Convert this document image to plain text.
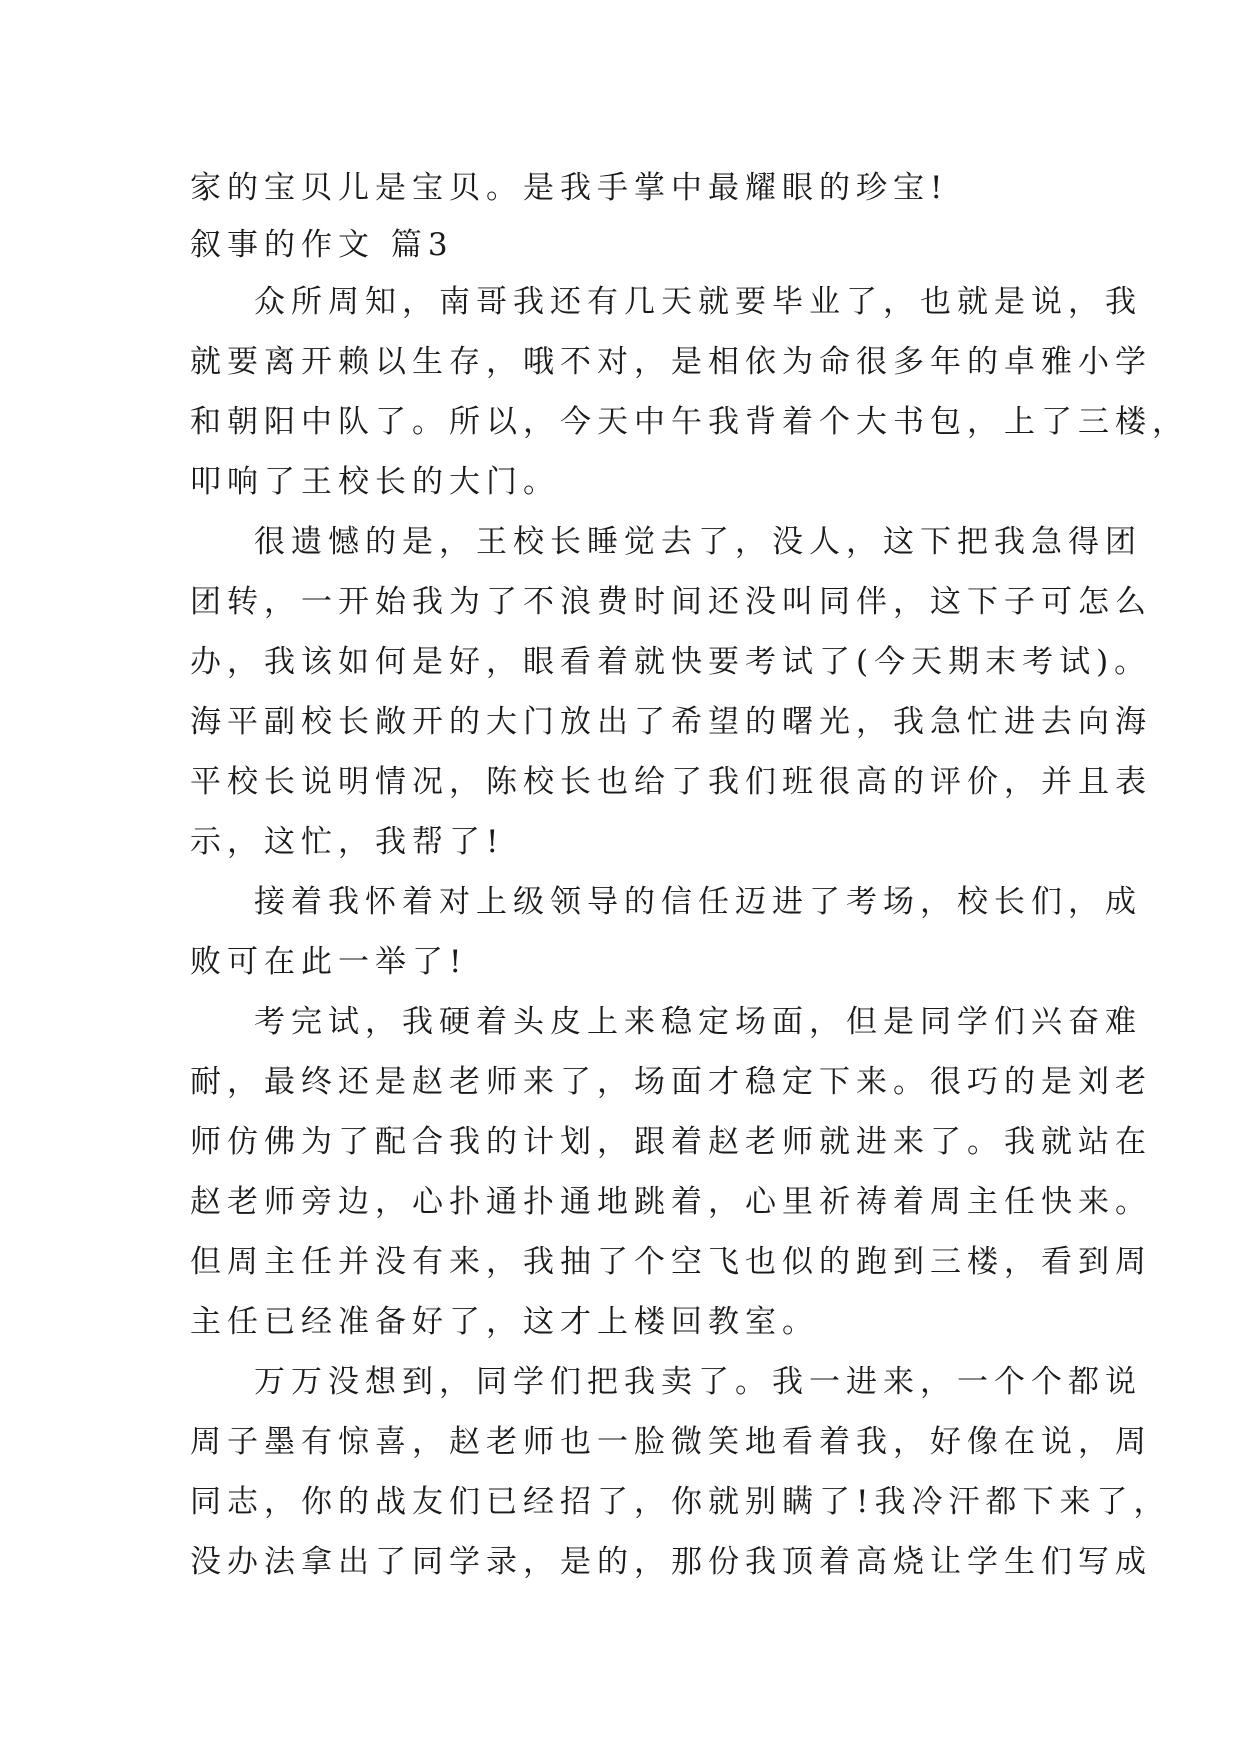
家的宝贝儿是宝贝。是我手掌中最耀眼的珍宝!
叙事的作文 篇3
众所周知，南哥我还有几天就要毕业了，也就是说，我
就要离开赖以生存，哦不对，是相依为命很多年的卓雅小学
和朝阳中队了。所以，今天中午我背着个大书包，上了三楼，
叩响了王校长的大门。
很遗憾的是，王校长睡觉去了，没人，这下把我急得团
团转，一开始我为了不浪费时间还没叫同伴，这下子可怎么
办，我该如何是好，眼看着就快要考试了(今天期末考试)。
海平副校长敞开的大门放出了希望的曙光，我急忙进去向海
平校长说明情况，陈校长也给了我们班很高的评价，并且表
示，这忙，我帮了!
接着我怀着对上级领导的信任迈进了考场，校长们，成
败可在此一举了!
考完试，我硬着头皮上来稳定场面，但是同学们兴奋难
耐，最终还是赵老师来了，场面才稳定下来。很巧的是刘老
师仿佛为了配合我的计划，跟着赵老师就进来了。我就站在
赵老师旁边，心扑通扑通地跳着，心里祈祷着周主任快来。
但周主任并没有来，我抽了个空飞也似的跑到三楼，看到周
主任已经准备好了，这才上楼回教室。
万万没想到，同学们把我卖了。我一进来，一个个都说
周子墨有惊喜，赵老师也一脸微笑地看着我，好像在说，周
同志，你的战友们已经招了，你就别瞒了!我冷汗都下来了，
没办法拿出了同学录，是的，那份我顶着高烧让学生们写成
